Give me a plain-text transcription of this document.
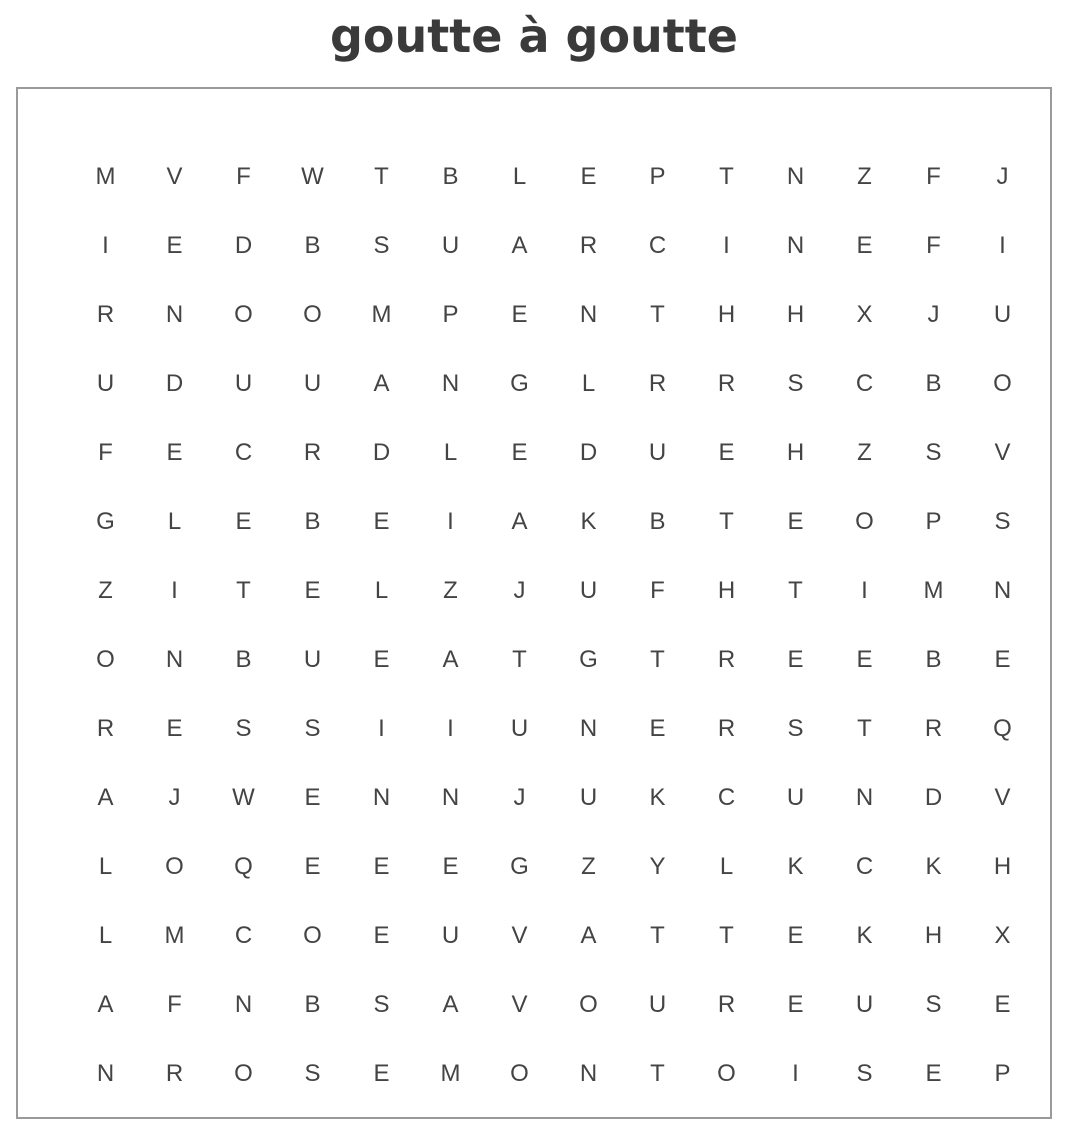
goutte à goutte
M	V	F	W	T	B	L	E	P	T	N	Z	F	J
I	E	D	B	S	U	A	R	C	I	N	E	F	I
R	N	O	O	M	P	E	N	T	H	H	X	J	U
U	D	U	U	A	N	G	L	R	R	S	C	B	O
F	E	C	R	D	L	E	D	U	E	H	Z	S	V
G	L	E	B	E	I	A	K	B	T	E	O	P	S
Z	I	T	E	L	Z	J	U	F	H	T	I	M	N
O	N	B	U	E	A	T	G	T	R	E	E	B	E
R	E	S	S	I	I	U	N	E	R	S	T	R	Q
A	J	W	E	N	N	J	U	K	C	U	N	D	V
L	O	Q	E	E	E	G	Z	Y	L	K	C	K	H
L	M	C	O	E	U	V	A	T	T	E	K	H	X
A	F	N	B	S	A	V	O	U	R	E	U	S	E
N	R	O	S	E	M	O	N	T	O	I	S	E	P
